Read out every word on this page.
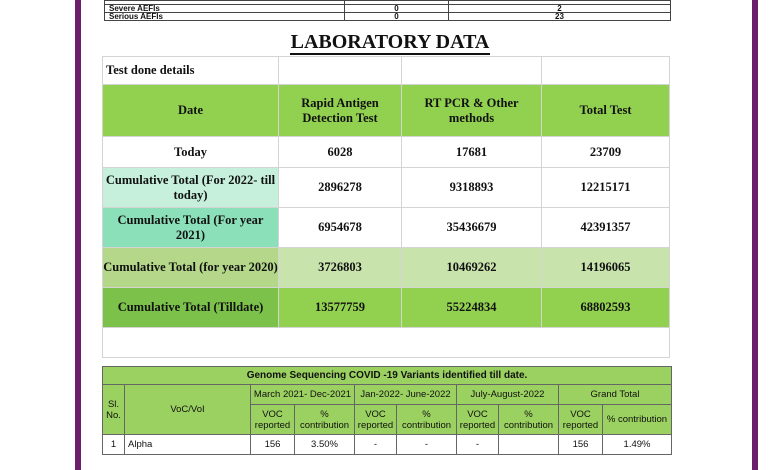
Severe AEFIs	0	2
Serious AEFIs	0	23
LABORATORY DATA
Test done details			
Date	Rapid Antigen Detection Test	RT PCR & Other methods	Total Test
Today	6028	17681	23709
Cumulative Total (For 2022- till today)	2896278	9318893	12215171
Cumulative Total (For year 2021)	6954678	35436679	42391357
Cumulative Total (for year 2020)	3726803	10469262	14196065
Cumulative Total (Tilldate)	13577759	55224834	68802593

Genome Sequencing COVID -19 Variants identified till date.									
Sl. No.	VoC/VoI	March 2021- Dec-2021		Jan-2022- June-2022		July-August-2022		Grand Total	
		VOC reported	% contribution	VOC reported	% contribution	VOC reported	% contribution	VOC reported	% contribution
1	Alpha	156	3.50%	-	-	-		156	1.49%
